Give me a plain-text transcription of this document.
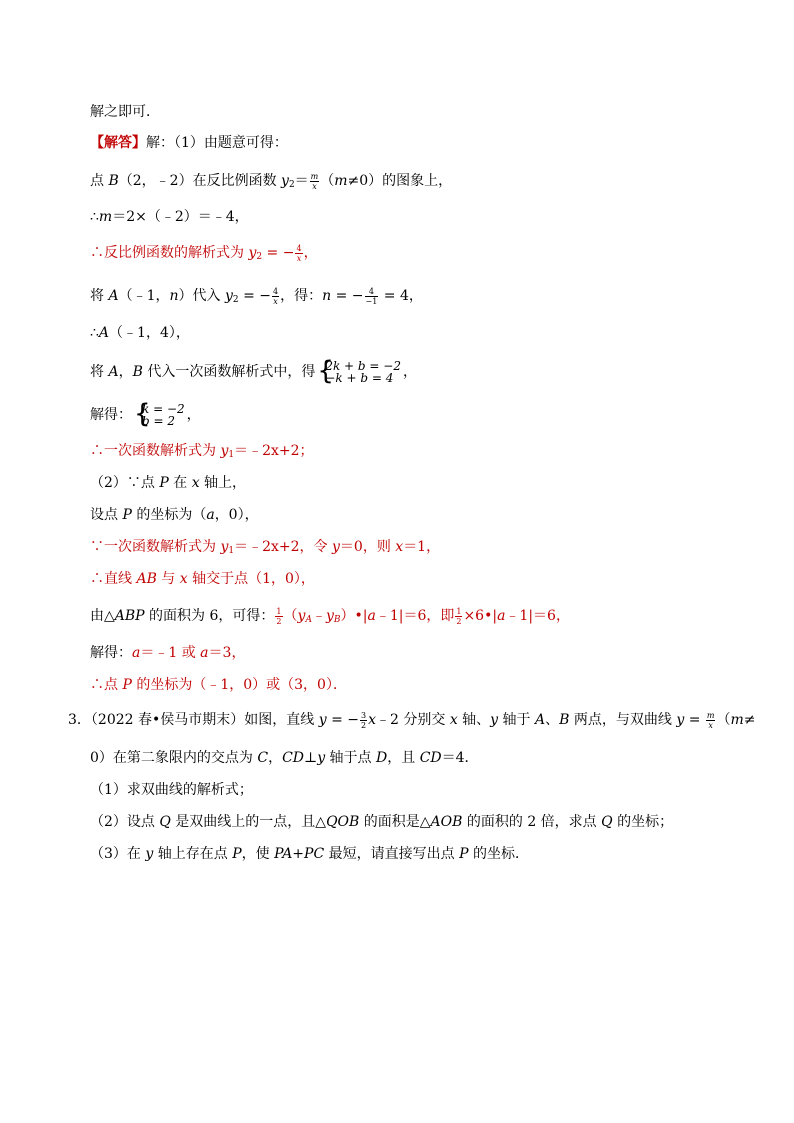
解之即可．
【解答】解：（1）由题意可得：
点 B（2，﹣2）在反比例函数 $y_2= \frac{m}{x} (m\ne 0)$的图象上，
∴m＝2×（﹣2）＝﹣4，
∴反比例函数的解析式为 $y_2$ = − $\frac{4}{x}$ ，
将 A（﹣1，n）代入 $y_2$ = − $\frac{4}{x}$ ，得：n = − $\frac{4}{-1} = 4$，
∴A（﹣1，4），
将 A，B 代入一次函数解析式中，得 {
2k + b = −2
−k + b = 4 ，
解得： {
k = −2
b = 2 ，
∴一次函数解析式为 $y_1=﹣2x+2$；
（2）∵点 P 在 x 轴上，
设点 P 的坐标为（a，0），
∵一次函数解析式为 $y_1=﹣2x+2$，令 y＝0，则 x＝1，
∴直线 AB 与 x 轴交于点（1，0），
由△ABP 的面积为 6，可得： $\frac{1}{2}$ $(y_A﹣y_B)•|a﹣1|=6$，即 $\frac{1}{2}$ ×6•|a﹣1|＝6，
解得：a＝﹣1 或 a＝3，
∴点 P 的坐标为（﹣1，0）或（3，0）．
3．（2022 春•侯马市期末）如图，直线 y = − $\frac{3}{2}$ x﹣2 分别交 x 轴、y 轴于 A、B 两点，与双曲线 $y = \frac{m}{x} (m\ne$
0）在第二象限内的交点为 C，CD⊥y 轴于点 D，且 CD＝4．
（1）求双曲线的解析式；
（2）设点 Q 是双曲线上的一点，且△QOB 的面积是△AOB 的面积的 2 倍，求点 Q 的坐标；
（3）在 y 轴上存在点 P，使 PA+PC 最短，请直接写出点 P 的坐标．
